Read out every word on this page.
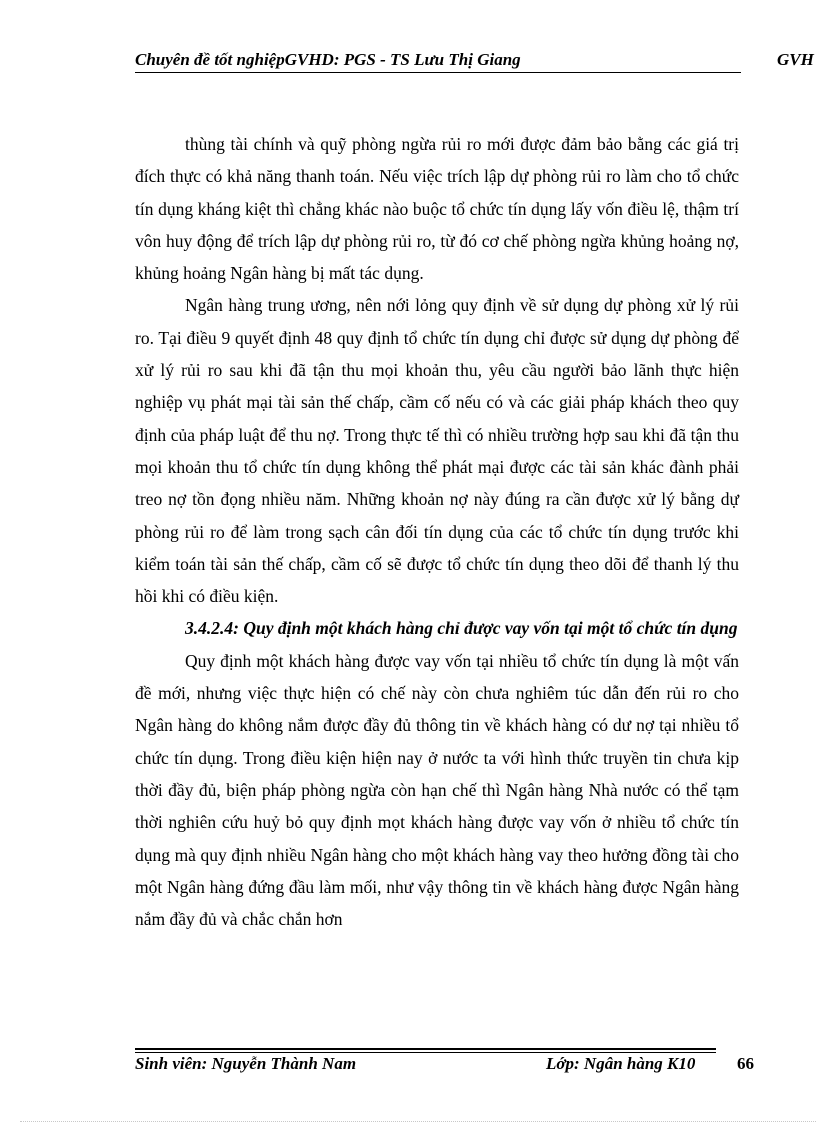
Chuyên đề tốt nghiệpGVHD: PGS - TS Lưu Thị Giang	GVH

thùng tài chính và quỹ phòng ngừa rủi ro mới được đảm bảo bằng các giá trị đích thực có khả năng thanh toán. Nếu việc trích lập dự phòng rủi ro làm cho tổ chức tín dụng kháng kiệt thì chẳng khác nào buộc tổ chức tín dụng lấy vốn điều lệ, thậm trí vôn huy động để trích lập dự phòng rủi ro, từ đó cơ chế phòng ngừa khủng hoảng nợ, khủng hoảng Ngân hàng bị mất tác dụng.

Ngân hàng trung ương, nên nới lỏng quy định về sử dụng dự phòng xử lý rủi ro. Tại điều 9 quyết định 48 quy định tổ chức tín dụng chỉ được sử dụng dự phòng để xử lý rủi ro sau khi đã tận thu mọi khoản thu, yêu cầu người bảo lãnh thực hiện nghiệp vụ phát mại tài sản thế chấp, cầm cố nếu có và các giải pháp khách theo quy định của pháp luật để thu nợ. Trong thực tế thì có nhiều trường hợp sau khi đã tận thu mọi khoản thu tổ chức tín dụng không thể phát mại được các tài sản khác đành phải treo nợ tồn đọng nhiều năm. Những khoản nợ này đúng ra cần được xử lý bằng dự phòng rủi ro để làm trong sạch cân đối tín dụng của các tổ chức tín dụng trước khi kiểm toán tài sản thế chấp, cầm cố sẽ được tổ chức tín dụng theo dõi để thanh lý thu hồi khi có điều kiện.

3.4.2.4: Quy định một khách hàng chỉ được vay vốn tại một tổ chức tín dụng

Quy định một khách hàng được vay vốn tại nhiều tổ chức tín dụng là một vấn đề mới, nhưng việc thực hiện có chế này còn chưa nghiêm túc dẫn đến rủi ro cho Ngân hàng do không nắm được đầy đủ thông tin về khách hàng có dư nợ tại nhiều tổ chức tín dụng. Trong điều kiện hiện nay ở nước ta với hình thức truyền tin chưa kịp thời đầy đủ, biện pháp phòng ngừa còn hạn chế thì Ngân hàng Nhà nước có thể tạm thời nghiên cứu huỷ bỏ quy định mọt khách hàng được vay vốn ở nhiều tổ chức tín dụng mà quy định nhiều Ngân hàng cho một khách hàng vay theo hưởng đồng tài cho một Ngân hàng đứng đầu làm mối, như vậy thông tin về khách hàng được Ngân hàng nắm đầy đủ và chắc chắn hơn

Sinh viên: Nguyễn Thành Nam	Lớp: Ngân hàng K10 66
